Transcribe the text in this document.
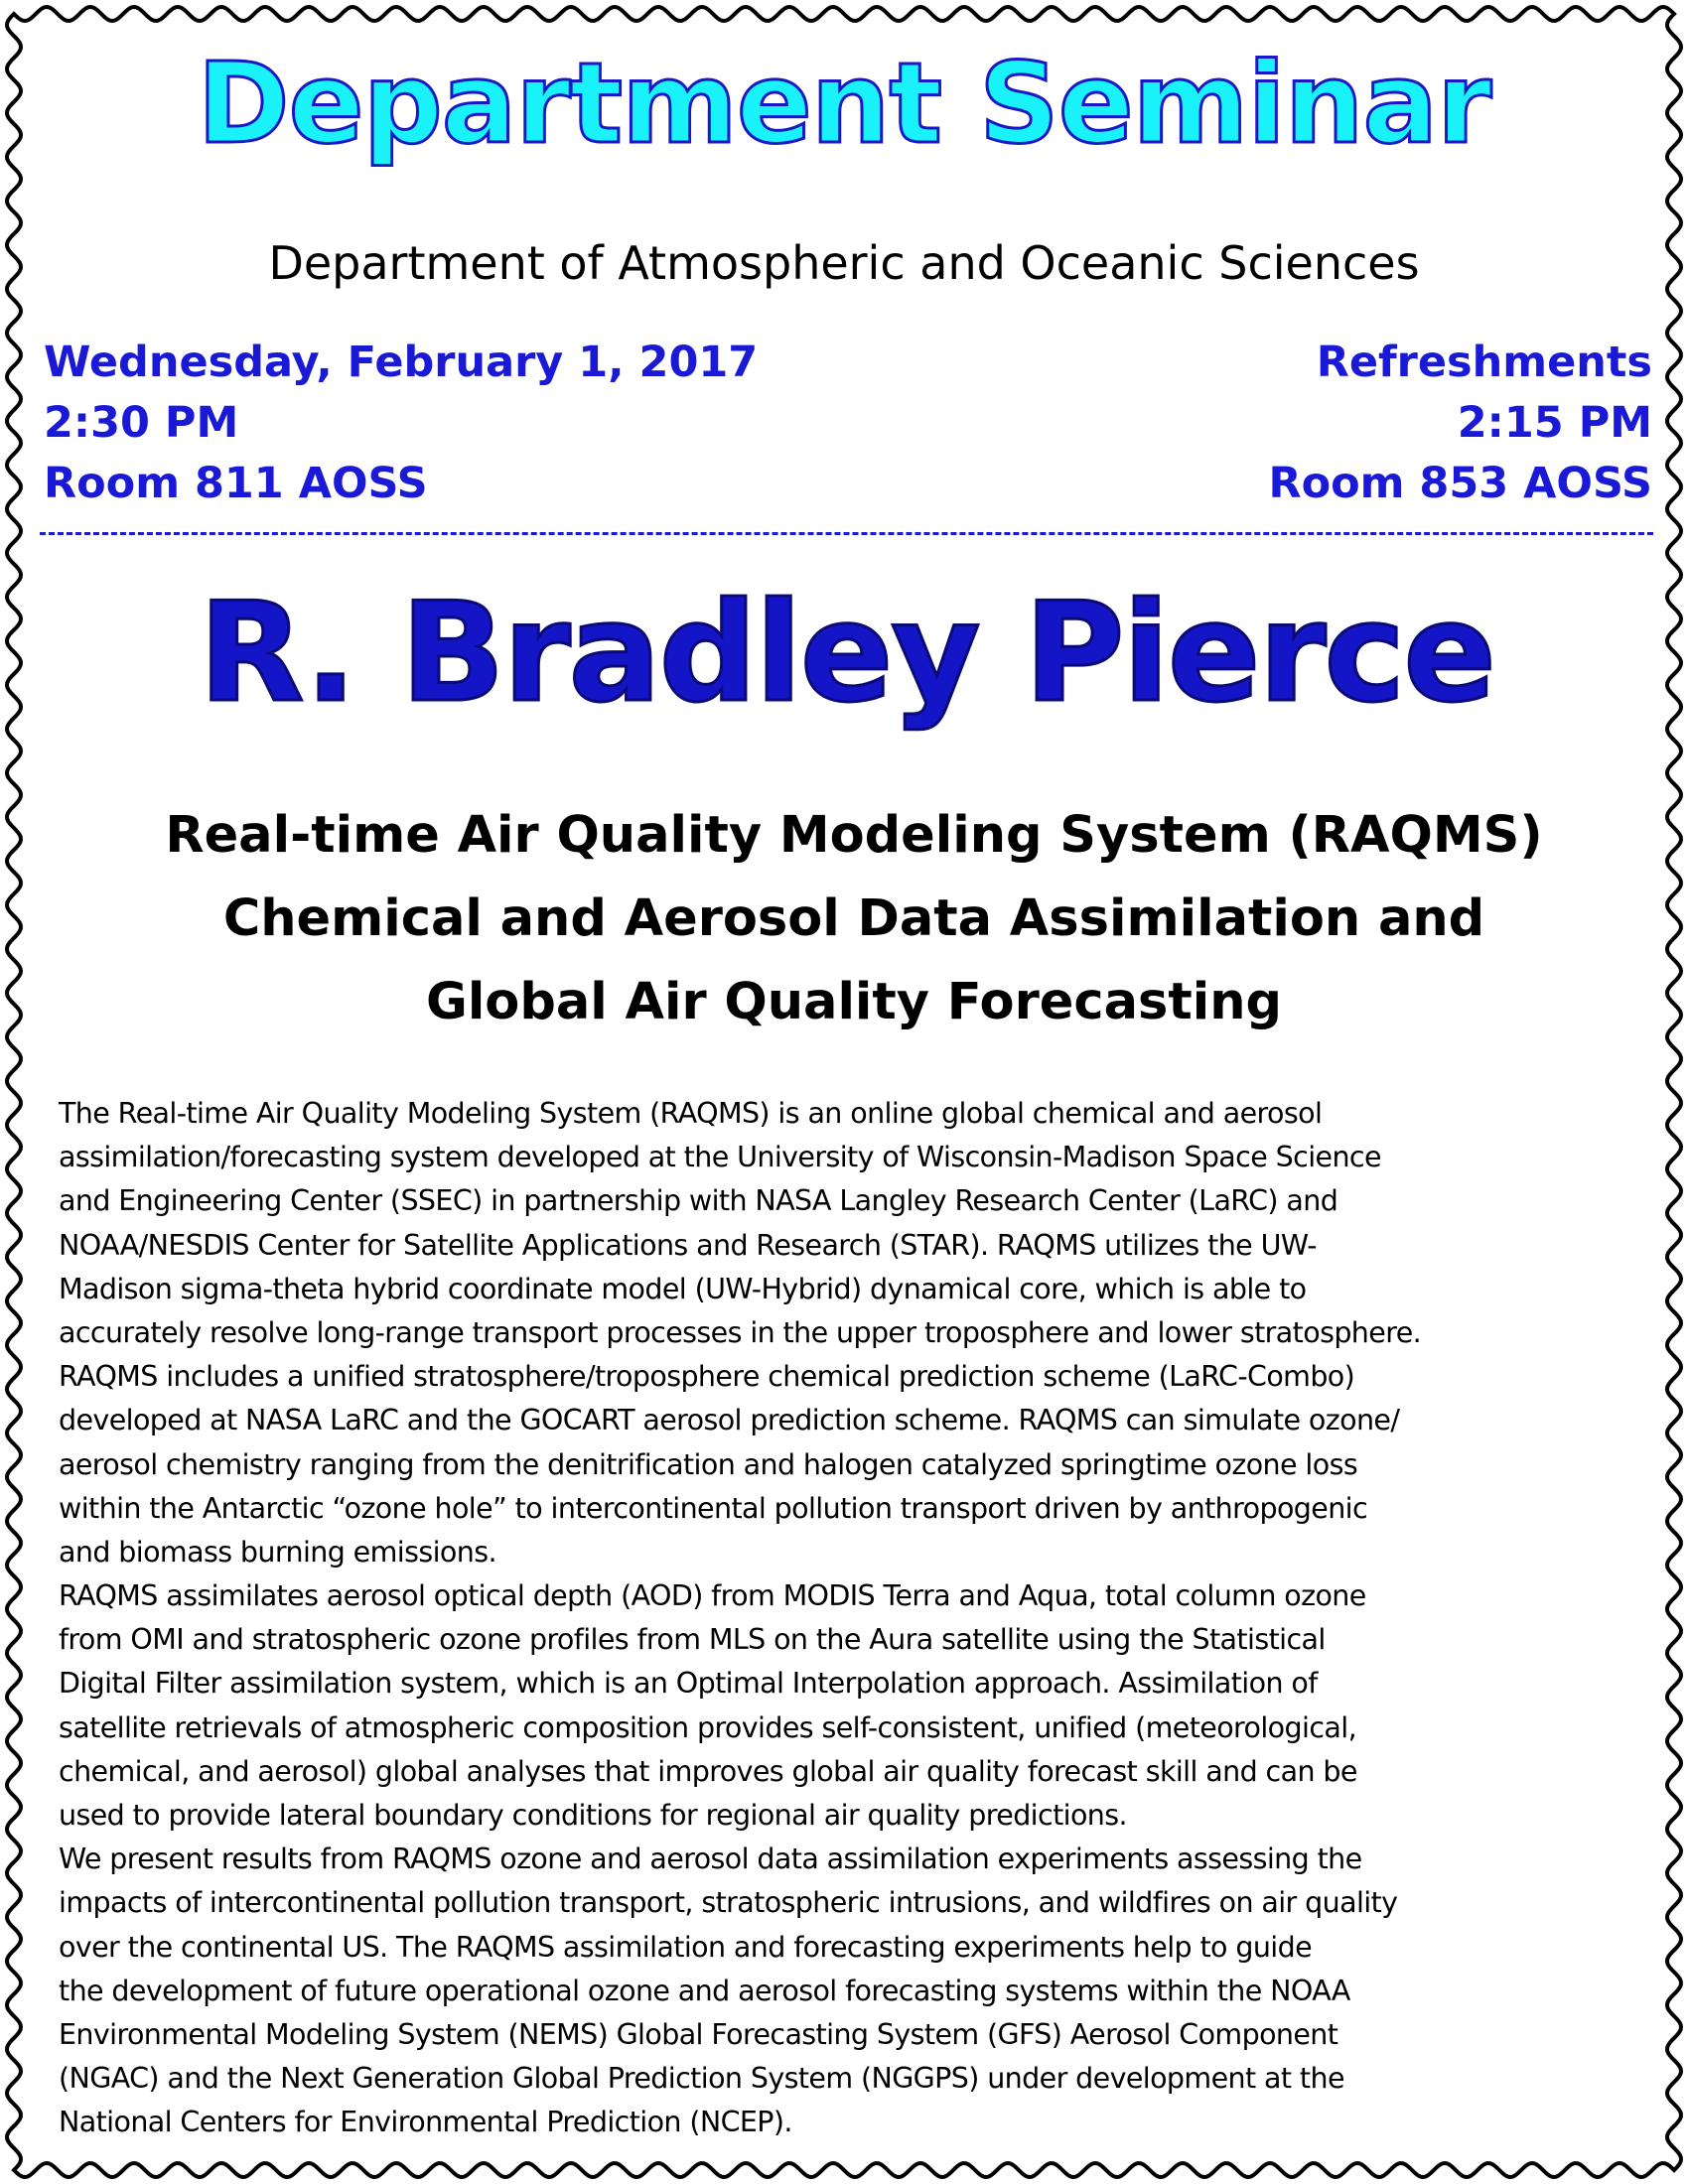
Department Seminar
Department of Atmospheric and Oceanic Sciences
Wednesday, February 1, 2017
2:30 PM
Room 811 AOSS
Refreshments
2:15 PM
Room 853 AOSS
R. Bradley Pierce
Real-time Air Quality Modeling System (RAQMS)
Chemical and Aerosol Data Assimilation and
Global Air Quality Forecasting
The Real-time Air Quality Modeling System (RAQMS) is an online global chemical and aerosol
assimilation/forecasting system developed at the University of Wisconsin-Madison Space Science
and Engineering Center (SSEC) in partnership with NASA Langley Research Center (LaRC) and
NOAA/NESDIS Center for Satellite Applications and Research (STAR). RAQMS utilizes the UW-
Madison sigma-theta hybrid coordinate model (UW-Hybrid) dynamical core, which is able to
accurately resolve long-range transport processes in the upper troposphere and lower stratosphere.
RAQMS includes a unified stratosphere/troposphere chemical prediction scheme (LaRC-Combo)
developed at NASA LaRC and the GOCART aerosol prediction scheme. RAQMS can simulate ozone/
aerosol chemistry ranging from the denitrification and halogen catalyzed springtime ozone loss
within the Antarctic “ozone hole” to intercontinental pollution transport driven by anthropogenic
and biomass burning emissions.
RAQMS assimilates aerosol optical depth (AOD) from MODIS Terra and Aqua, total column ozone
from OMI and stratospheric ozone profiles from MLS on the Aura satellite using the Statistical
Digital Filter assimilation system, which is an Optimal Interpolation approach. Assimilation of
satellite retrievals of atmospheric composition provides self-consistent, unified (meteorological,
chemical, and aerosol) global analyses that improves global air quality forecast skill and can be
used to provide lateral boundary conditions for regional air quality predictions.
We present results from RAQMS ozone and aerosol data assimilation experiments assessing the
impacts of intercontinental pollution transport, stratospheric intrusions, and wildfires on air quality
over the continental US. The RAQMS assimilation and forecasting experiments help to guide
the development of future operational ozone and aerosol forecasting systems within the NOAA
Environmental Modeling System (NEMS) Global Forecasting System (GFS) Aerosol Component
(NGAC) and the Next Generation Global Prediction System (NGGPS) under development at the
National Centers for Environmental Prediction (NCEP).
